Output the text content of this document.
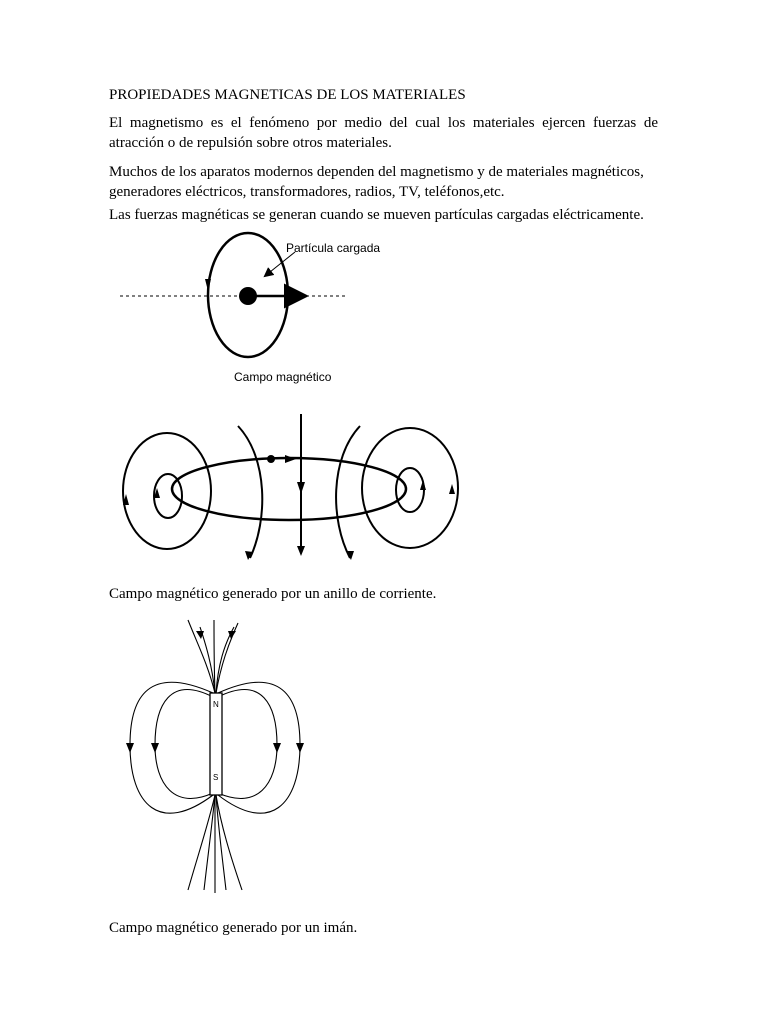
PROPIEDADES MAGNETICAS DE LOS MATERIALES

El magnetismo es el fenómeno por medio del cual los materiales ejercen fuerzas de atracción o de repulsión sobre otros materiales.

Muchos de los aparatos modernos dependen del magnetismo y de materiales magnéticos, generadores eléctricos, transformadores, radios, TV, teléfonos,etc.

Las fuerzas magnéticas se generan cuando se mueven partículas cargadas eléctricamente.

Partícula cargada
Campo magnético

Campo magnético generado por un anillo de corriente.

N
S

Campo magnético generado por un imán.
